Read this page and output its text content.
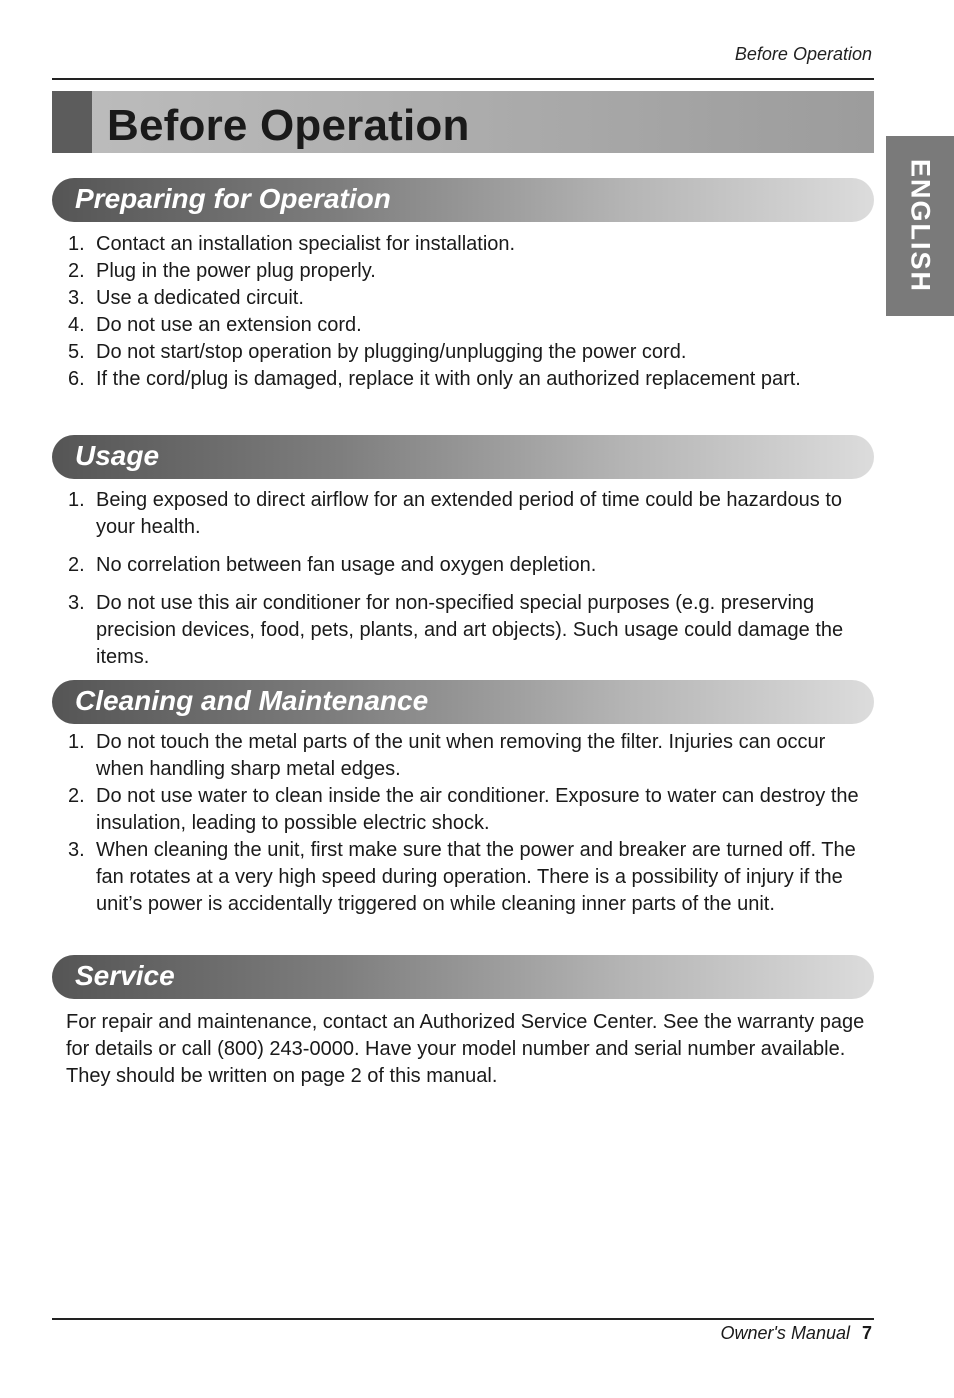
Before Operation
Before Operation
ENGLISH
Preparing for Operation
1. Contact an installation specialist for installation.
2. Plug in the power plug properly.
3. Use a dedicated circuit.
4. Do not use an extension cord.
5. Do not start/stop operation by plugging/unplugging the power cord.
6. If the cord/plug is damaged, replace it with only an authorized replacement part.
Usage
1. Being exposed to direct airflow for an extended period of time could be hazardous to your health.
2. No correlation between fan usage and oxygen depletion.
3. Do not use this air conditioner for non-specified special purposes (e.g. preserving precision devices, food, pets, plants, and art objects). Such usage could damage the items.
Cleaning and Maintenance
1. Do not touch the metal parts of the unit when removing the filter. Injuries can occur when handling sharp metal edges.
2. Do not use water to clean inside the air conditioner. Exposure to water can destroy the insulation, leading to possible electric shock.
3. When cleaning the unit, first make sure that the power and breaker are turned off. The fan rotates at a very high speed during operation. There is a possibility of injury if the unit’s power is accidentally triggered on while cleaning inner parts of the unit.
Service
For repair and maintenance, contact an Authorized Service Center. See the warranty page for details or call (800) 243-0000. Have your model number and serial number available. They should be written on page 2 of this manual.
Owner's Manual 7
